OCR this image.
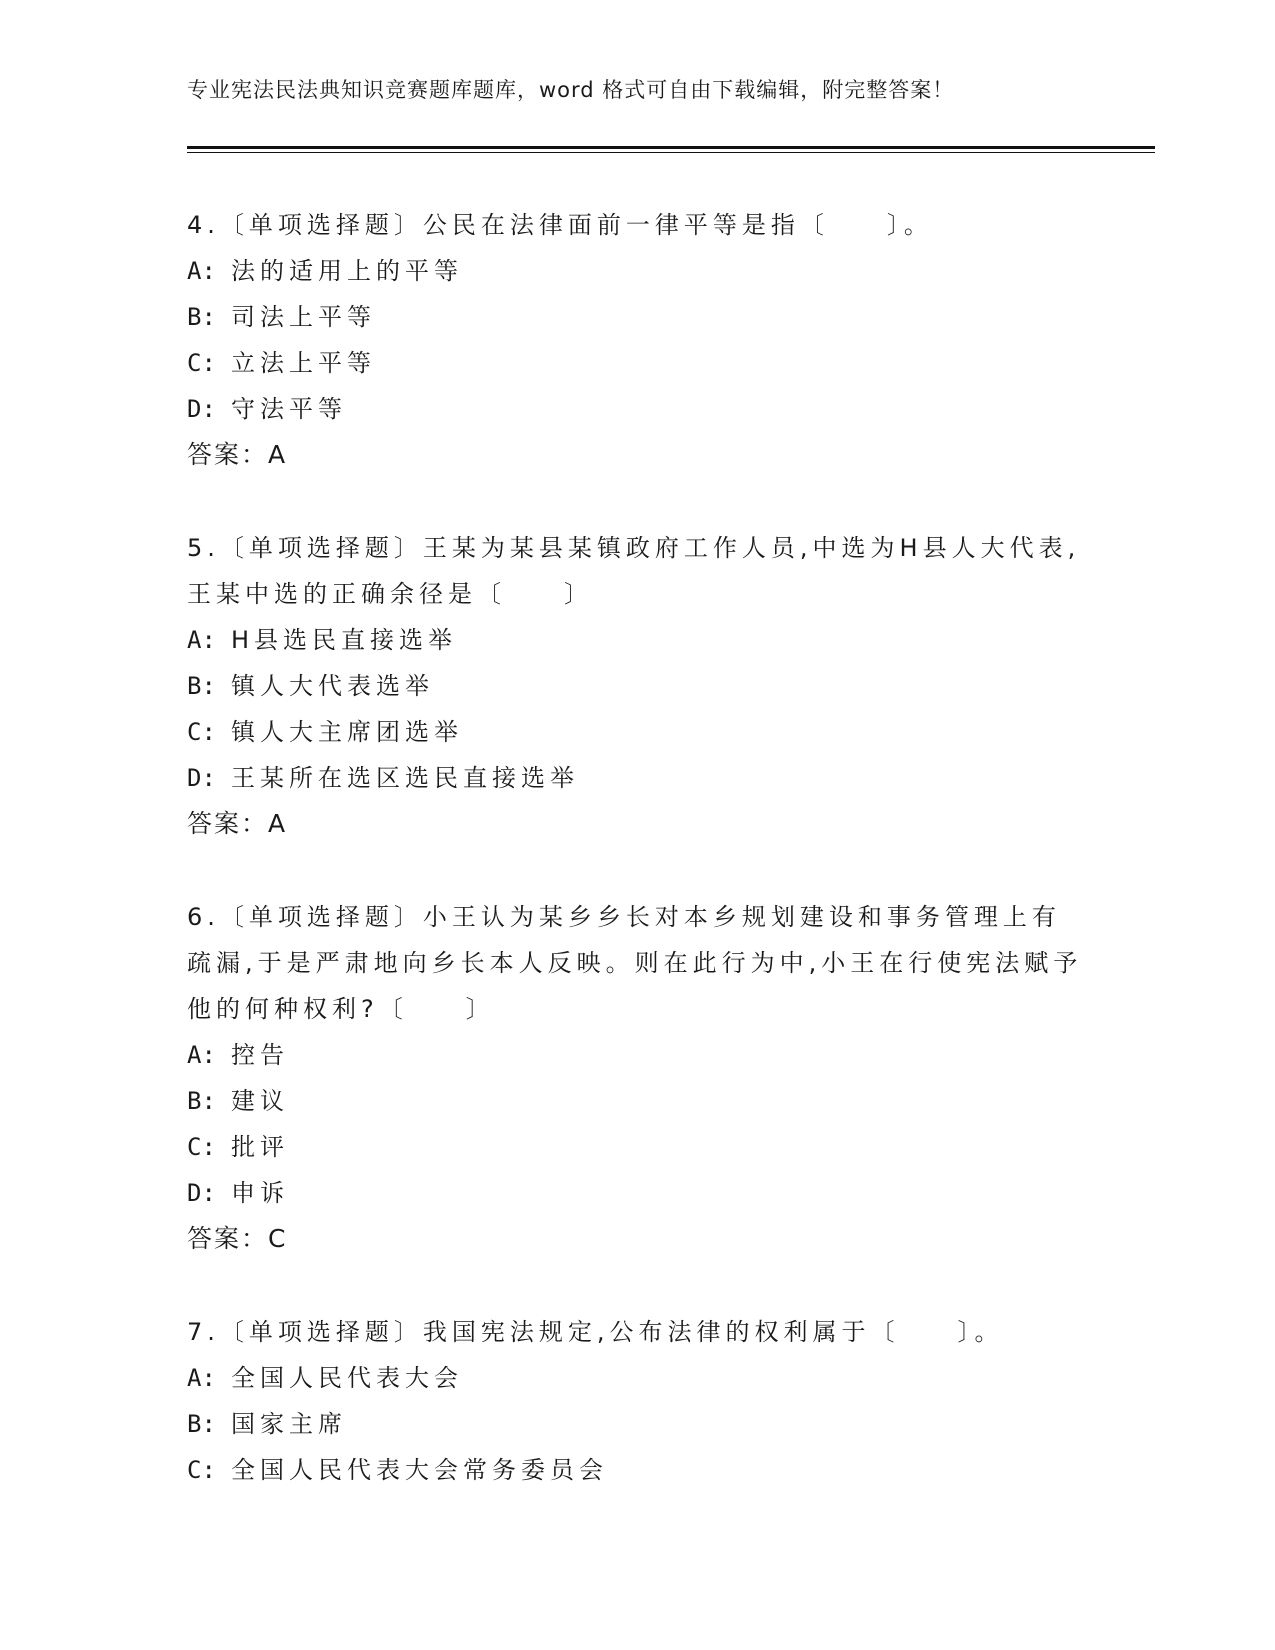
专业宪法民法典知识竞赛题库题库，word 格式可自由下载编辑，附完整答案！

4.〔单项选择题〕公民在法律面前一律平等是指〔　　〕。

A: 法的适用上的平等

B: 司法上平等

C: 立法上平等

D: 守法平等

答案：A

5.〔单项选择题〕王某为某县某镇政府工作人员,中选为H县人大代表,王某中选的正确余径是〔　　〕

A: H县选民直接选举

B: 镇人大代表选举

C: 镇人大主席团选举

D: 王某所在选区选民直接选举

答案：A

6.〔单项选择题〕小王认为某乡乡长对本乡规划建设和事务管理上有疏漏,于是严肃地向乡长本人反映。则在此行为中,小王在行使宪法赋予他的何种权利?〔　　〕

A: 控告

B: 建议

C: 批评

D: 申诉

答案：C

7.〔单项选择题〕我国宪法规定,公布法律的权利属于〔　　〕。

A: 全国人民代表大会

B: 国家主席

C: 全国人民代表大会常务委员会
